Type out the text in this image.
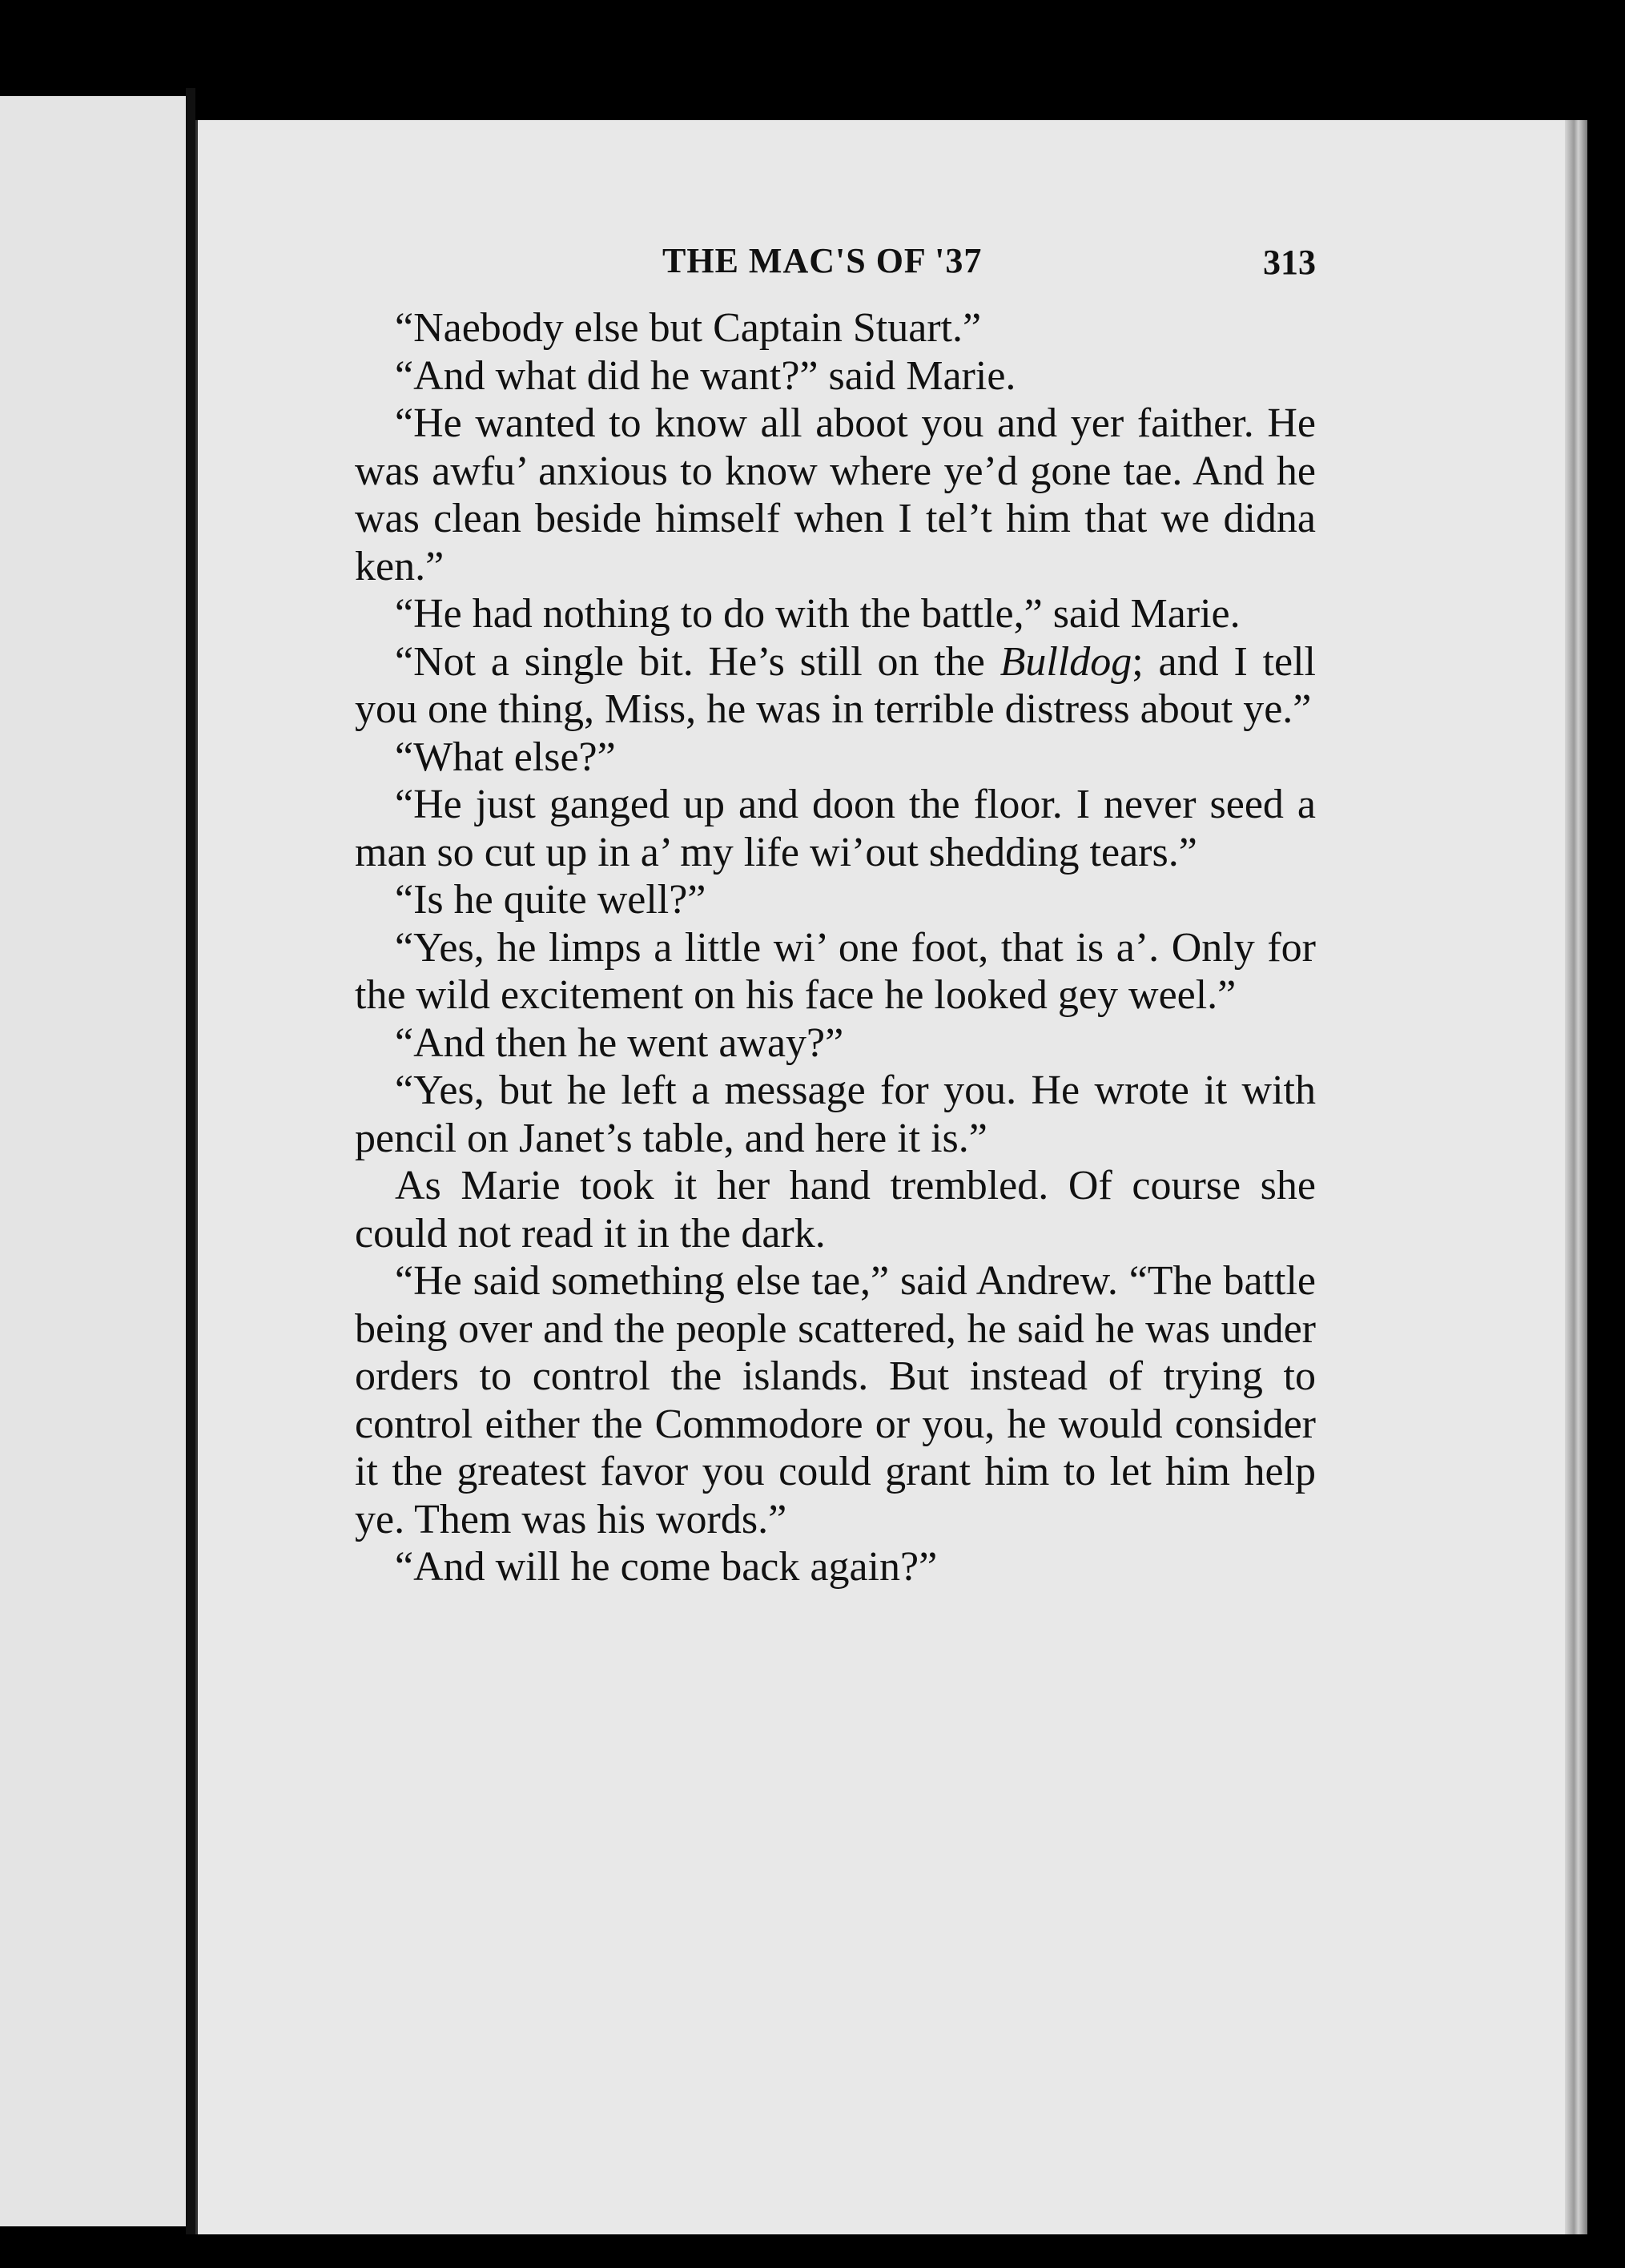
THE MAC'S OF '37	313

“Naebody else but Captain Stuart.”

“And what did he want?” said Marie.

“He wanted to know all aboot you and yer faither. He was awfu’ anxious to know where ye’d gone tae. And he was clean beside himself when I tel’t him that we didna ken.”

“He had nothing to do with the battle,” said Marie.

“Not a single bit. He’s still on the Bulldog; and I tell you one thing, Miss, he was in terrible distress about ye.”

“What else?”

“He just ganged up and doon the floor. I never seed a man so cut up in a’ my life wi’out shedding tears.”

“Is he quite well?”

“Yes, he limps a little wi’ one foot, that is a’. Only for the wild excitement on his face he looked gey weel.”

“And then he went away?”

“Yes, but he left a message for you. He wrote it with pencil on Janet’s table, and here it is.”

As Marie took it her hand trembled. Of course she could not read it in the dark.

“He said something else tae,” said Andrew. “The battle being over and the people scattered, he said he was under orders to control the islands. But instead of trying to control either the Commodore or you, he would consider it the greatest favor you could grant him to let him help ye. Them was his words.”

“And will he come back again?”
